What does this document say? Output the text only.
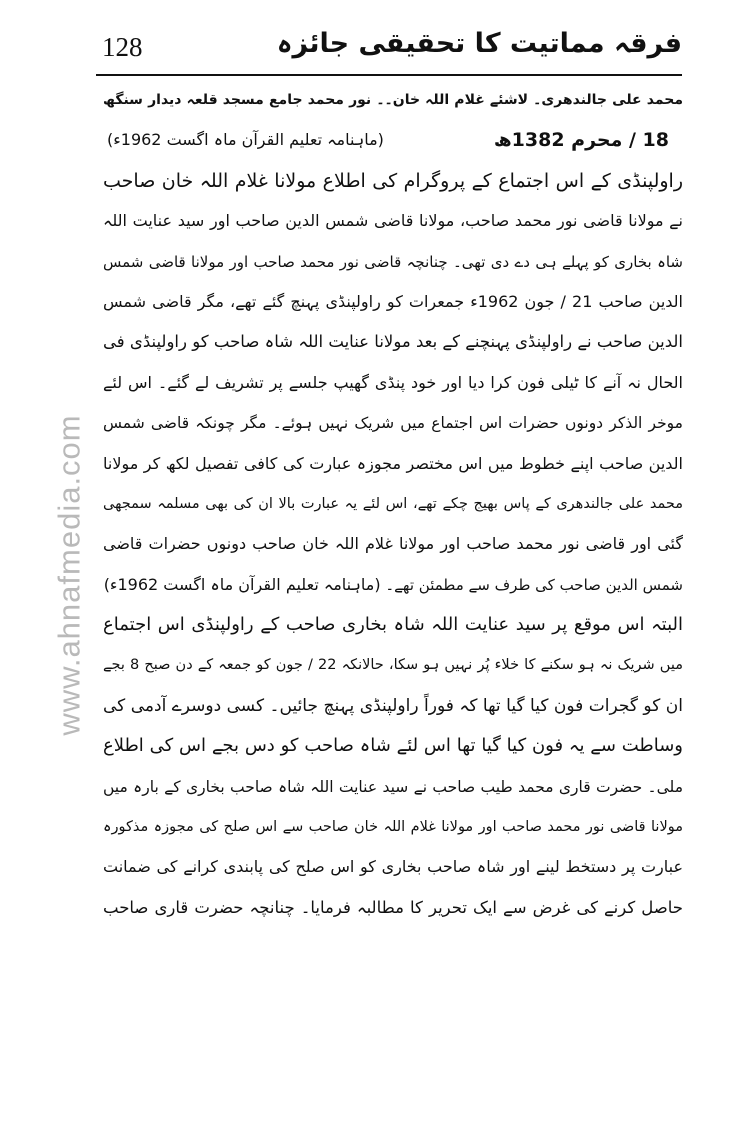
128	فرقہ مماتیت کا تحقیقی جائزہ
www.ahnafmedia.com
محمد علی جالندھری۔ لاشئے غلام اللہ خان۔۔ نور محمد جامع مسجد قلعہ دیدار سنگھ
18 / محرم 1382ھ
(ماہنامہ تعلیم القرآن ماہ اگست 1962ء)
راولپنڈی کے اس اجتماع کے پروگرام کی اطلاع مولانا غلام اللہ خان صاحب
نے مولانا قاضی نور محمد صاحب، مولانا قاضی شمس الدین صاحب اور سید عنایت اللہ
شاہ بخاری کو پہلے ہی دے دی تھی۔ چنانچہ قاضی نور محمد صاحب اور مولانا قاضی شمس
الدین صاحب 21 / جون 1962ء جمعرات کو راولپنڈی پہنچ گئے تھے، مگر قاضی شمس
الدین صاحب نے راولپنڈی پہنچنے کے بعد مولانا عنایت اللہ شاہ صاحب کو راولپنڈی فی
الحال نہ آنے کا ٹیلی فون کرا دیا اور خود پنڈی گھیپ جلسے پر تشریف لے گئے۔ اس لئے
موخر الذکر دونوں حضرات اس اجتماع میں شریک نہیں ہوئے۔ مگر چونکہ قاضی شمس
الدین صاحب اپنے خطوط میں اس مختصر مجوزہ عبارت کی کافی تفصیل لکھ کر مولانا
محمد علی جالندھری کے پاس بھیج چکے تھے، اس لئے یہ عبارت بالا ان کی بھی مسلمہ سمجھی
گئی اور قاضی نور محمد صاحب اور مولانا غلام اللہ خان صاحب دونوں حضرات قاضی
شمس الدین صاحب کی طرف سے مطمئن تھے۔ (ماہنامہ تعلیم القرآن ماہ اگست 1962ء)
البتہ اس موقع پر سید عنایت اللہ شاہ بخاری صاحب کے راولپنڈی اس اجتماع
میں شریک نہ ہو سکنے کا خلاء پُر نہیں ہو سکا، حالانکہ 22 / جون کو جمعہ کے دن صبح 8 بجے
ان کو گجرات فون کیا گیا تھا کہ فوراً راولپنڈی پہنچ جائیں۔ کسی دوسرے آدمی کی
وساطت سے یہ فون کیا گیا تھا اس لئے شاہ صاحب کو دس بجے اس کی اطلاع
ملی۔ حضرت قاری محمد طیب صاحب نے سید عنایت اللہ شاہ صاحب بخاری کے بارہ میں
مولانا قاضی نور محمد صاحب اور مولانا غلام اللہ خان صاحب سے اس صلح کی مجوزہ مذکورہ
عبارت پر دستخط لینے اور شاہ صاحب بخاری کو اس صلح کی پابندی کرانے کی ضمانت
حاصل کرنے کی غرض سے ایک تحریر کا مطالبہ فرمایا۔ چنانچہ حضرت قاری صاحب
